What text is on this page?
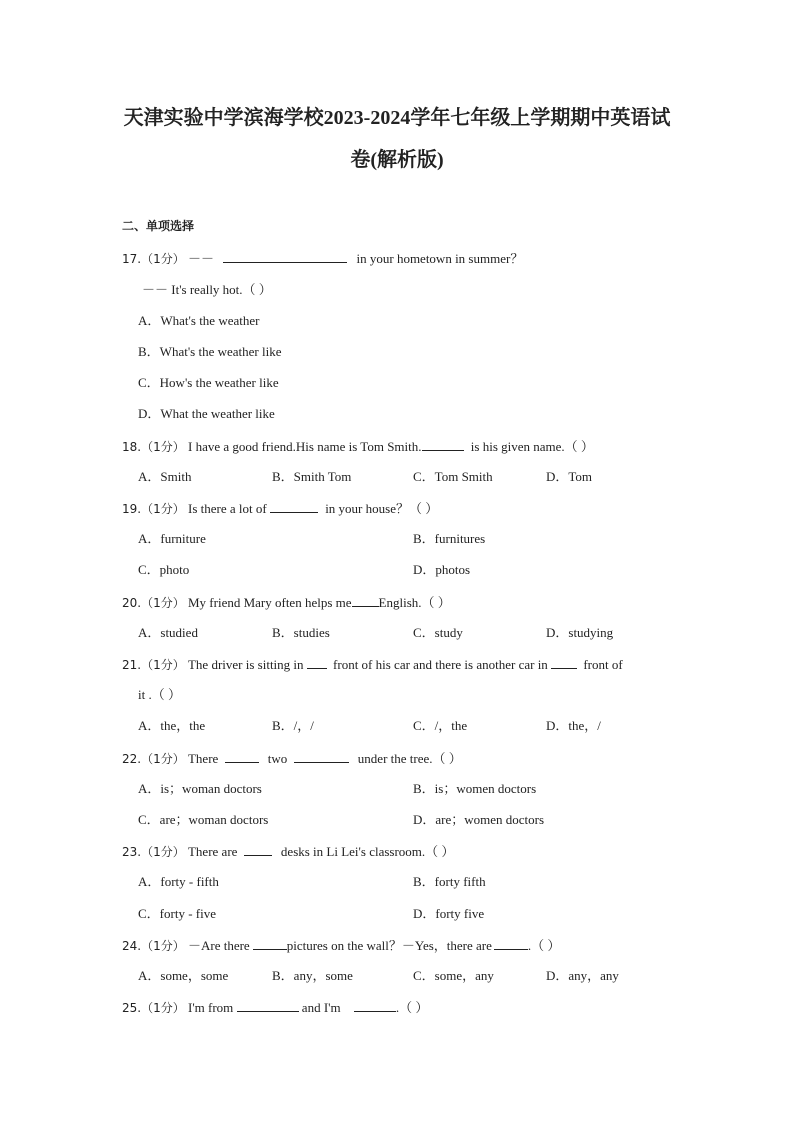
天津实验中学滨海学校2023-2024学年七年级上学期期中英语试
卷(解析版)
二、单项选择
17.（1分） －－	in your hometown in summer？
－－ It's really hot.（ ）
A．What's the weather
B．What's the weather like
C．How's the weather like
D．What the weather like
18.（1分） I have a good friend.His name is Tom Smith.	is his given name.（ ）
A．Smith	B．Smith Tom	C．Tom Smith	D．Tom
19.（1分） Is there a lot of	in your house？（ ）
A．furniture	B．furnitures
C．photo	D．photos
20.（1分） My friend Mary often helps me English.（ ）
A．studied	B．studies	C．study	D．studying
21.（1分） The driver is sitting in front of his car and there is another car in	front of
it .（ ）
A．the，the	B．/，/	C．/，the	D．the，/
22.（1分） There	two	under the tree.（ ）
A．is；woman doctors	B．is；women doctors
C．are；woman doctors	D．are；women doctors
23.（1分） There are	desks in Li Lei's classroom.（ ）
A．forty - fifth	B．forty fifth
C．forty - five	D．forty five
24.（1分） －Are there	pictures on the wall？－Yes，there are	.（ ）
A．some，some	B．any，some	C．some，any	D．any，any
25.（1分） I'm from	and I'm	.（ ）
